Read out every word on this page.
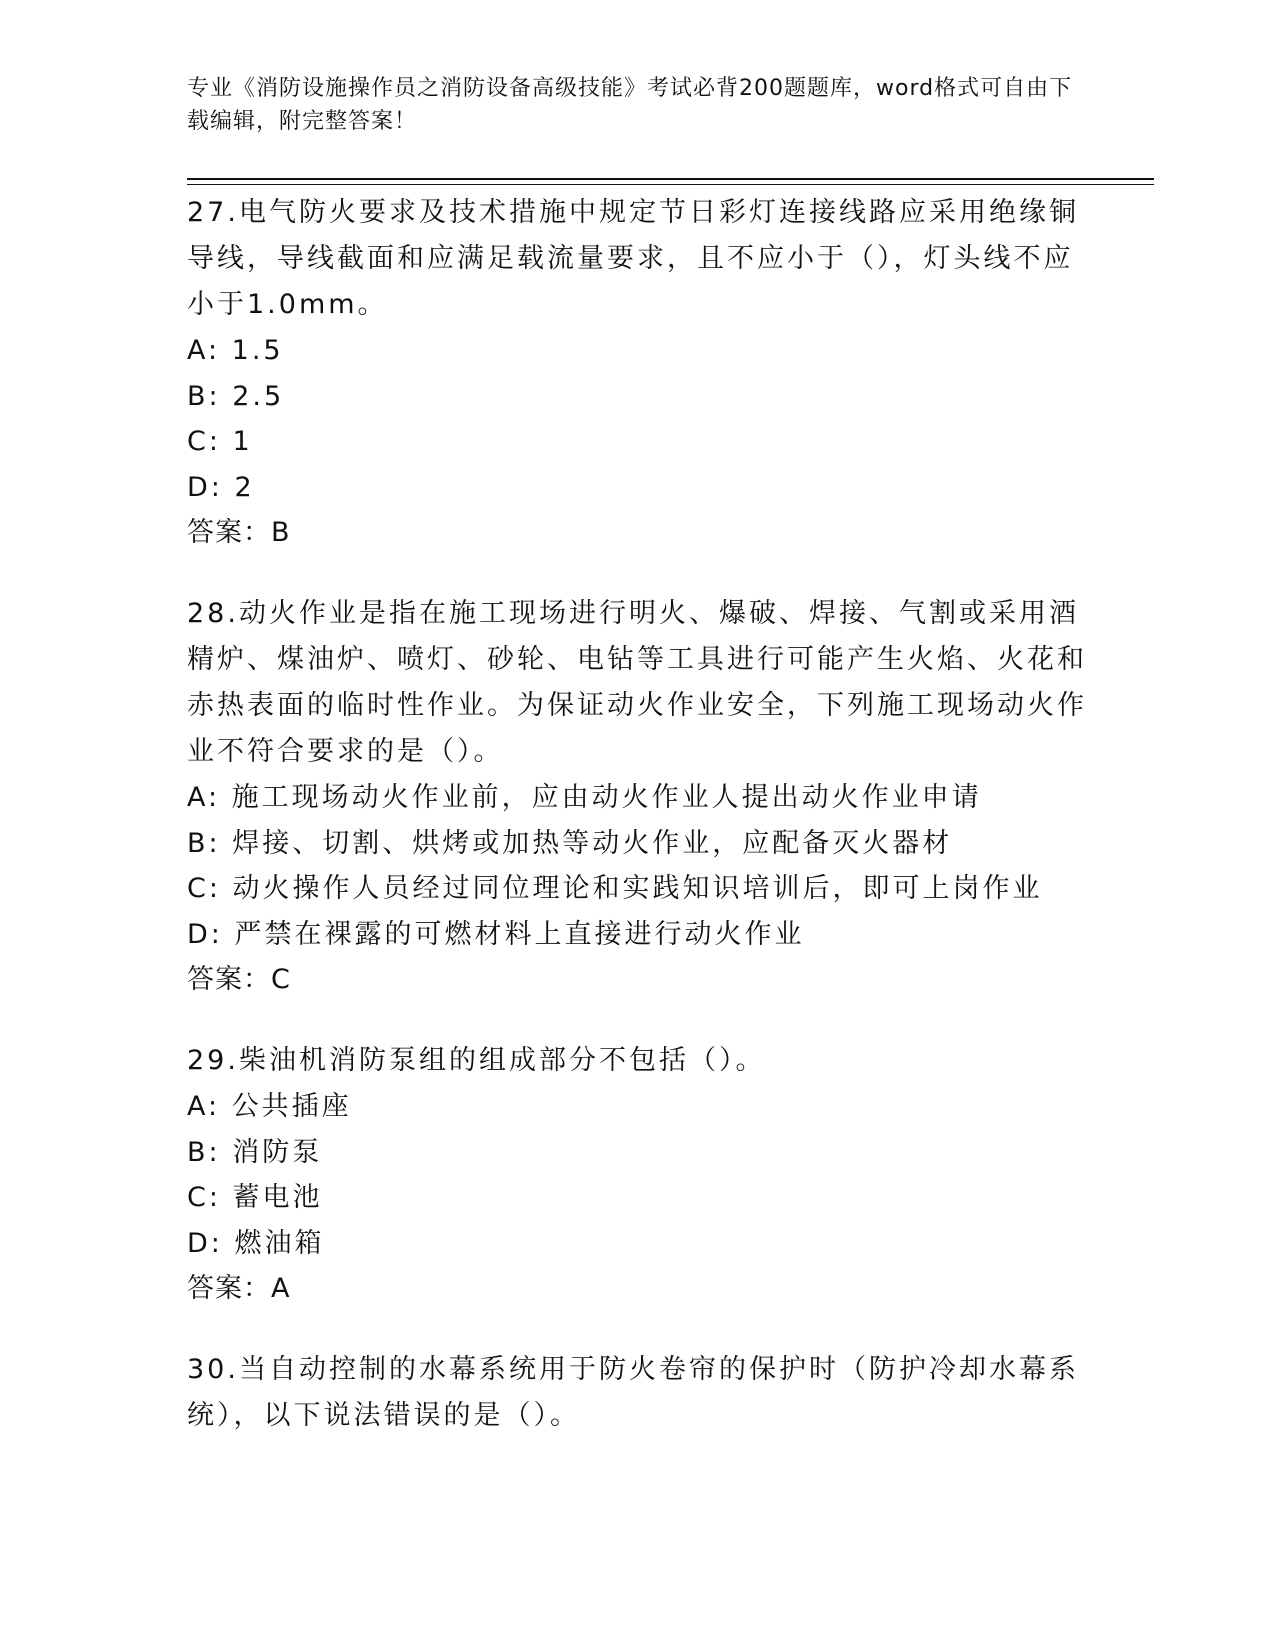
专业《消防设施操作员之消防设备高级技能》考试必背200题题库，word格式可自由下载编辑，附完整答案！
27.电气防火要求及技术措施中规定节日彩灯连接线路应采用绝缘铜导线，导线截面和应满足载流量要求，且不应小于（），灯头线不应小于1.0mm。
A: 1.5
B: 2.5
C: 1
D: 2
答案：B
28.动火作业是指在施工现场进行明火、爆破、焊接、气割或采用酒精炉、煤油炉、喷灯、砂轮、电钻等工具进行可能产生火焰、火花和赤热表面的临时性作业。为保证动火作业安全，下列施工现场动火作业不符合要求的是（）。
A: 施工现场动火作业前，应由动火作业人提出动火作业申请
B: 焊接、切割、烘烤或加热等动火作业，应配备灭火器材
C: 动火操作人员经过同位理论和实践知识培训后，即可上岗作业
D: 严禁在裸露的可燃材料上直接进行动火作业
答案：C
29.柴油机消防泵组的组成部分不包括（）。
A: 公共插座
B: 消防泵
C: 蓄电池
D: 燃油箱
答案：A
30.当自动控制的水幕系统用于防火卷帘的保护时（防护冷却水幕系统），以下说法错误的是（）。
